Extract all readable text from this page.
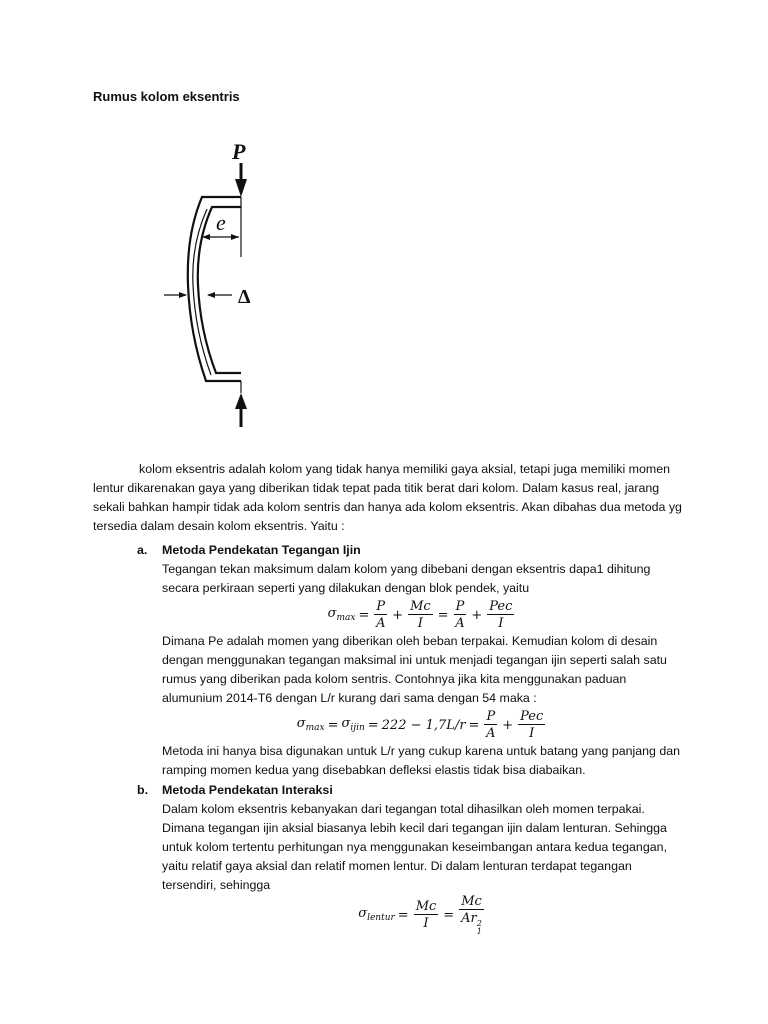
Rumus kolom eksentris
P
e
Δ

kolom eksentris adalah kolom yang tidak hanya memiliki gaya aksial, tetapi juga memiliki momen lentur dikarenakan gaya yang diberikan tidak tepat pada titik berat dari kolom. Dalam kasus real, jarang sekali bahkan hampir tidak ada kolom sentris dan hanya ada kolom eksentris. Akan dibahas dua metoda yg tersedia dalam desain kolom eksentris. Yaitu :

a.	Metoda Pendekatan Tegangan Ijin

Tegangan tekan maksimum dalam kolom yang dibebani dengan eksentris dapa1 dihitung secara perkiraan seperti yang dilakukan dengan blok pendek, yaitu

$\sigma_{max} = \frac{P}{A} + \frac{Mc}{I} = \frac{P}{A} + \frac{\text{Pec}}{I}$

Dimana Pe adalah momen yang diberikan oleh beban terpakai. Kemudian kolom di desain dengan menggunakan tegangan maksimal ini untuk menjadi tegangan ijin seperti salah satu rumus yang diberikan pada kolom sentris. Contohnya jika kita menggunakan paduan alumunium 2014-T6 dengan L/r kurang dari sama dengan 54 maka :

$\sigma_{max} = \sigma_{ijin} = 222 - 1,7L/r = \frac{P}{A} + \frac{\text{Pec}}{I}$

Metoda ini hanya bisa digunakan untuk L/r yang cukup karena untuk batang yang panjang dan ramping momen kedua yang disebabkan defleksi elastis tidak bisa diabaikan.

b.	Metoda Pendekatan Interaksi

Dalam kolom eksentris kebanyakan dari tegangan total dihasilkan oleh momen terpakai. Dimana tegangan ijin aksial biasanya lebih kecil dari tegangan ijin dalam lenturan. Sehingga untuk kolom tertentu perhitungan nya menggunakan keseimbangan antara kedua tegangan, yaitu relatif gaya aksial dan relatif momen lentur. Di dalam lenturan terdapat tegangan tersendiri, sehingga

$\sigma_{lentur} = \frac{Mc}{I} = Mc$
Ar 2
1
